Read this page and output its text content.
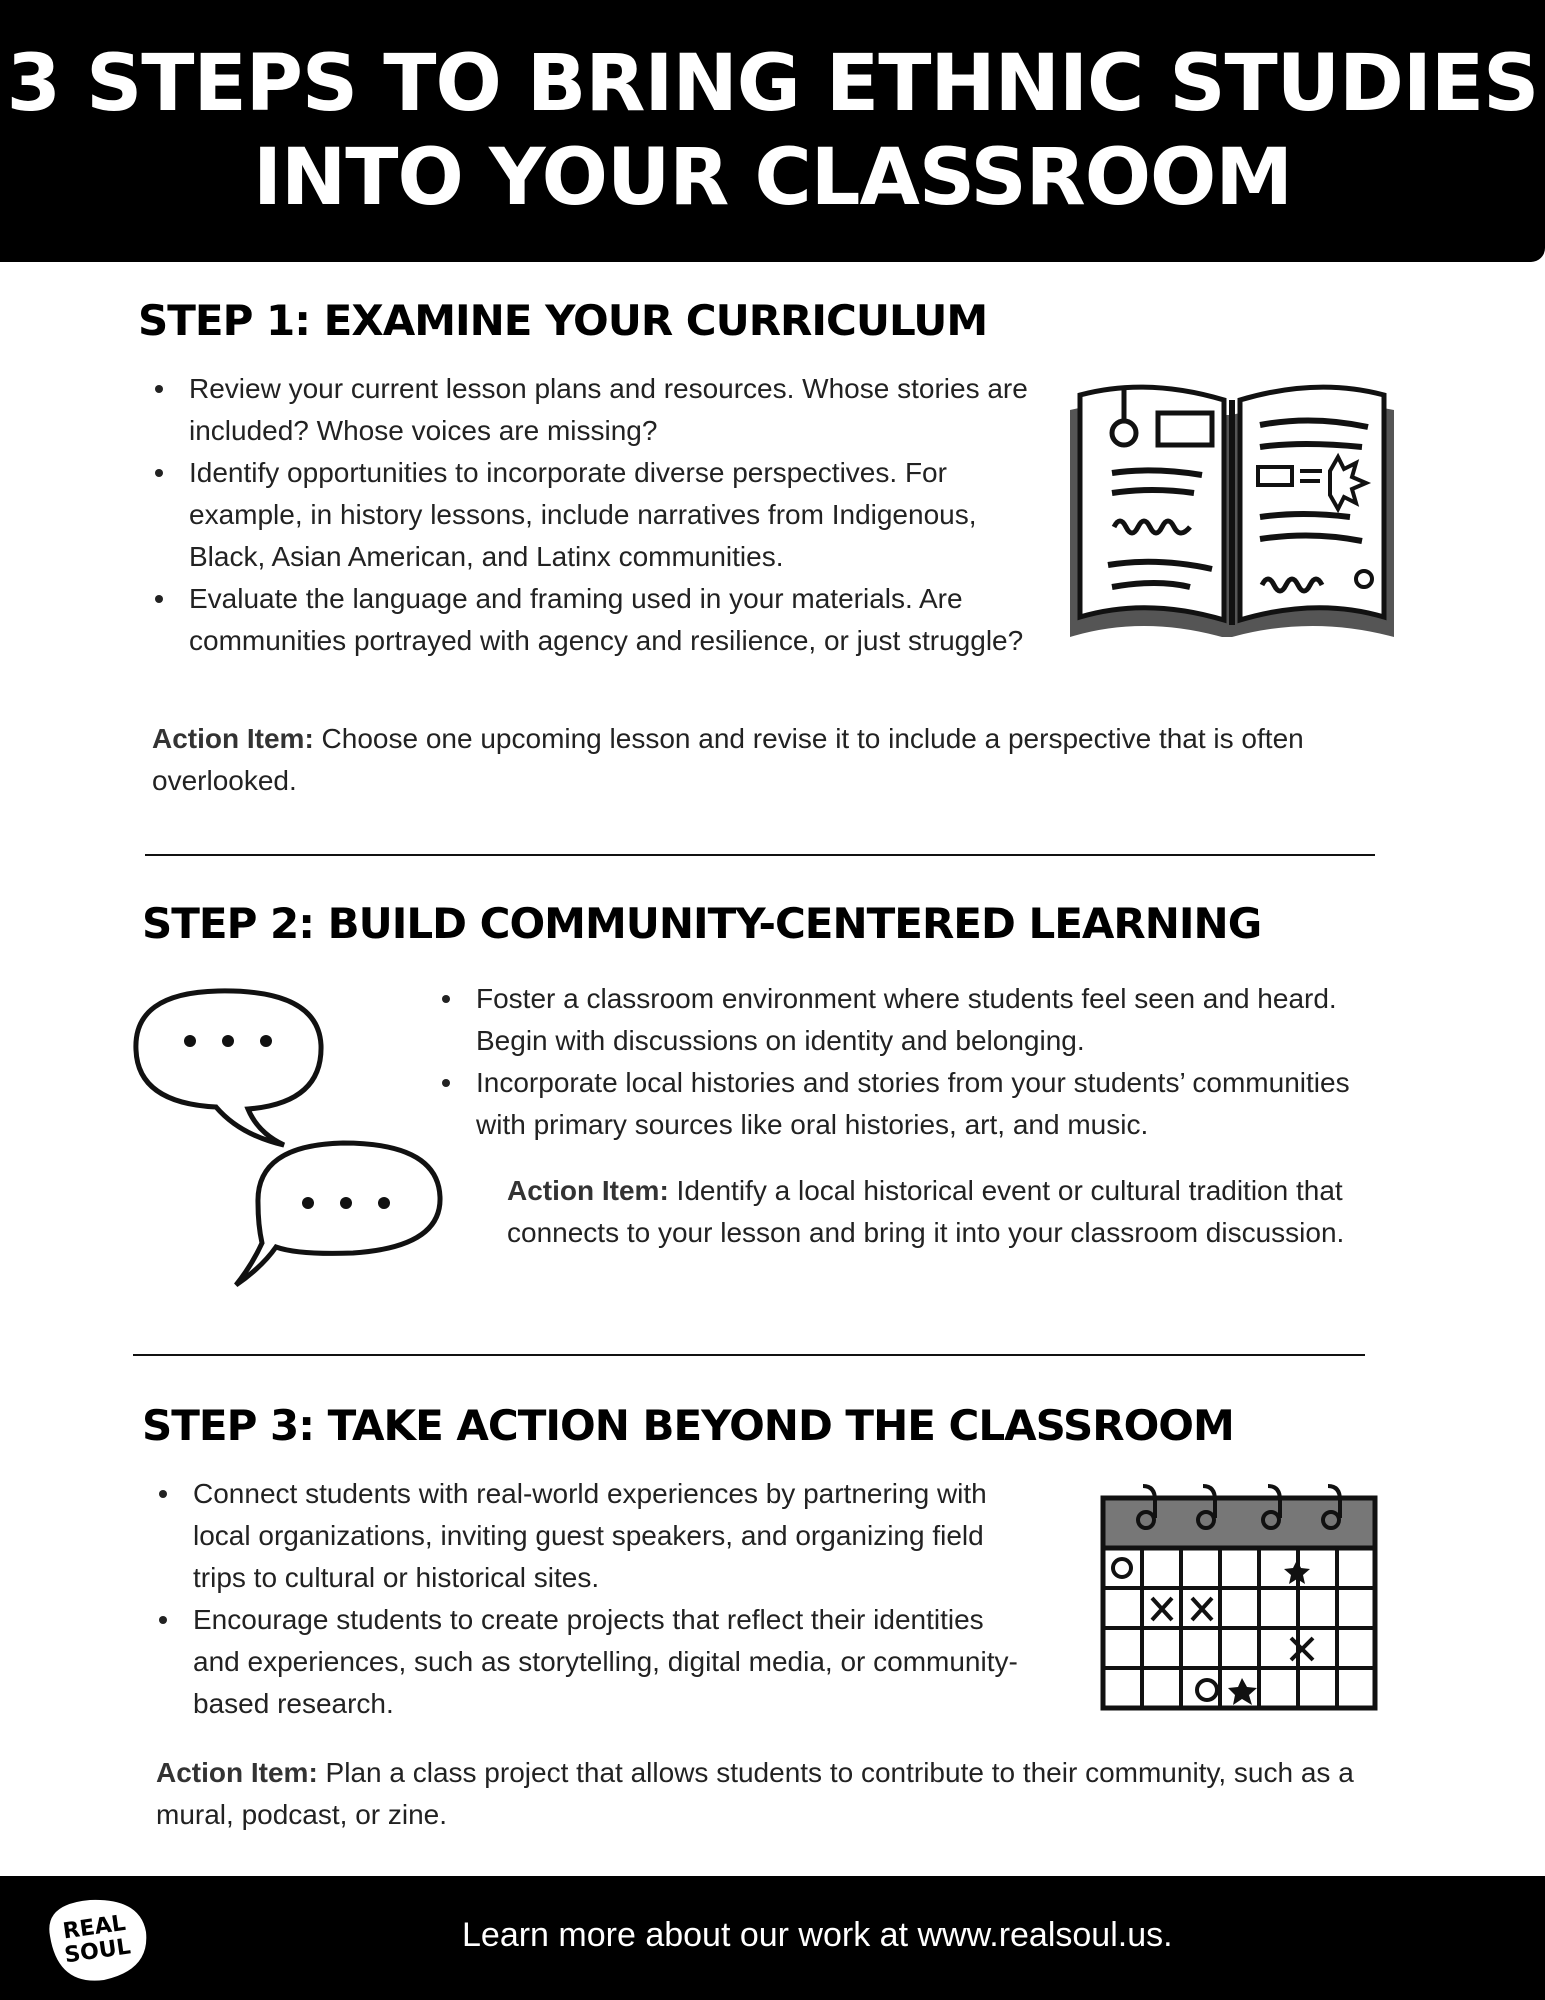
3 STEPS TO BRING ETHNIC STUDIES
INTO YOUR CLASSROOM
STEP 1: EXAMINE YOUR CURRICULUM
Review your current lesson plans and resources. Whose stories are included? Whose voices are missing?
Identify opportunities to incorporate diverse perspectives. For example, in history lessons, include narratives from Indigenous, Black, Asian American, and Latinx communities.
Evaluate the language and framing used in your materials. Are communities portrayed with agency and resilience, or just struggle?
Action Item: Choose one upcoming lesson and revise it to include a perspective that is often overlooked.
STEP 2: BUILD COMMUNITY-CENTERED LEARNING
Foster a classroom environment where students feel seen and heard. Begin with discussions on identity and belonging.
Incorporate local histories and stories from your students’ communities with primary sources like oral histories, art, and music.
Action Item: Identify a local historical event or cultural tradition that connects to your lesson and bring it into your classroom discussion.
STEP 3: TAKE ACTION BEYOND THE CLASSROOM
Connect students with real-world experiences by partnering with local organizations, inviting guest speakers, and organizing field trips to cultural or historical sites.
Encourage students to create projects that reflect their identities and experiences, such as storytelling, digital media, or community-based research.
Action Item: Plan a class project that allows students to contribute to their community, such as a mural, podcast, or zine.
REAL
SOUL	Learn more about our work at www.realsoul.us.
